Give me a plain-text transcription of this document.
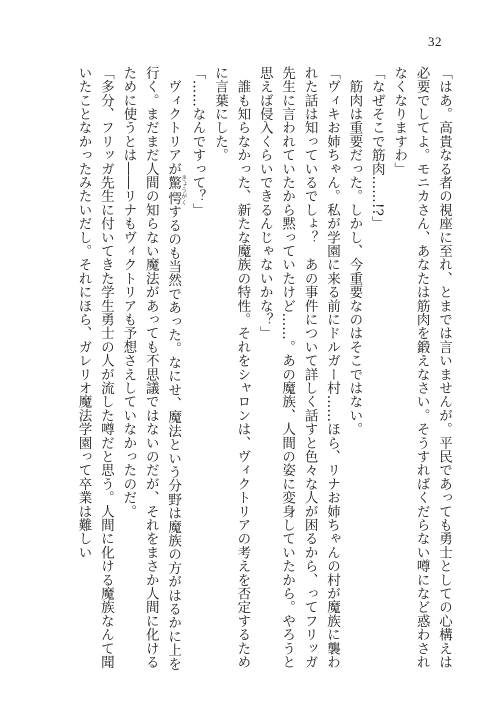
32

「はあ。高貴なる者の視座に至れ、とまでは言いませんが。平民であっても勇士としての心構えは必要でしてよ。モニカさん、あなたは筋肉を鍛えなさい。そうすればくだらない噂になど惑わされなくなりますわ」

「なぜそこで筋肉……!?」

　筋肉は重要だった。しかし、今重要なのはそこではない。

「ヴィキお姉ちゃん。私が学園に来る前にドルガー村……ほら、リナお姉ちゃんの村が魔族に襲われた話は知っているでしょ？　あの事件について詳しく話すと色々な人が困るから、ってフリッガ先生に言われていたから黙っていたけど……。あの魔族、人間の姿に変身していたから。やろうと思えば侵入くらいできるんじゃないかな？」

　誰も知らなかった、新たな魔族の特性。それをシャロンは、ヴィクトリアの考えを否定するために言葉にした。

「……なんですって？」

　ヴィクトリアが驚愕きょうがくするのも当然であった。なにせ、魔法という分野は魔族の方がはるかに上を行く。まだまだ人間の知らない魔法があっても不思議ではないのだが、それをまさか人間に化けるために使うとは――リナもヴィクトリアも予想さえしていなかったのだ。

「多分、フリッガ先生に付いてきた学生勇士の人が流した噂だと思う。人間に化ける魔族なんて聞いたことなかったみたいだし。それにほら、ガレリオ魔法学園って卒業は難しい
